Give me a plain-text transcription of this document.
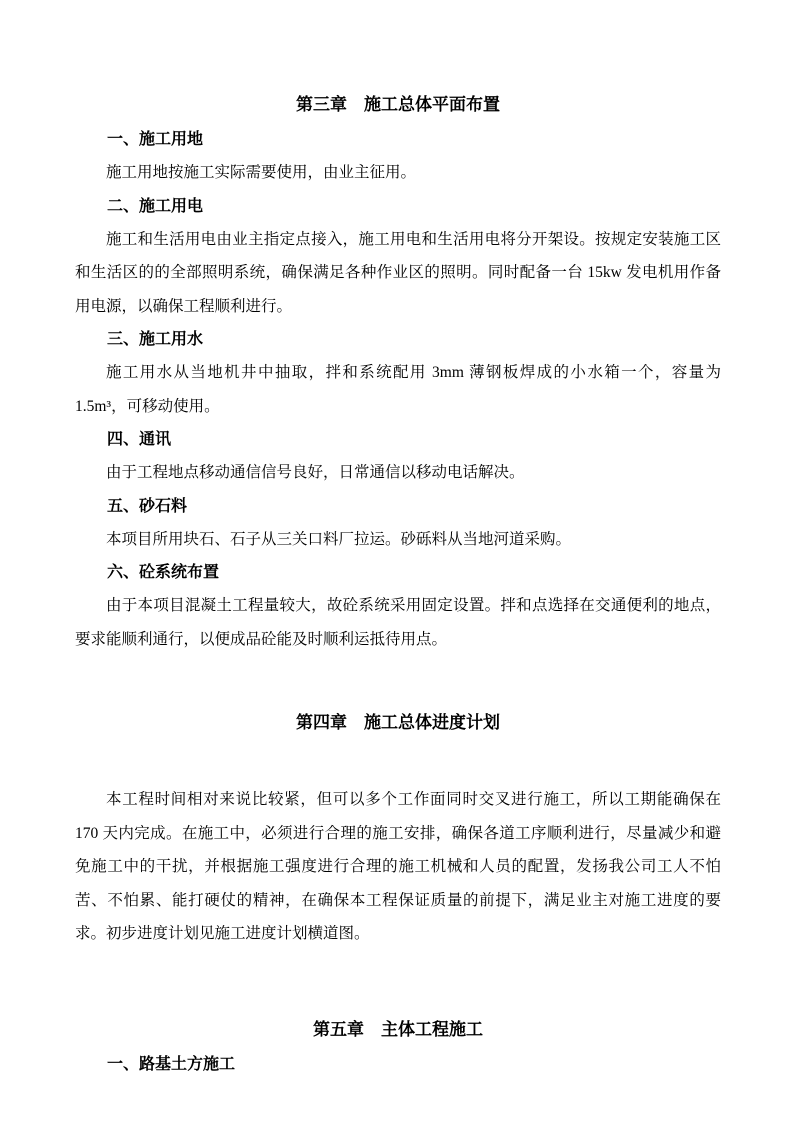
第三章　施工总体平面布置
一、施工用地

施工用地按施工实际需要使用，由业主征用。

二、施工用电

施工和生活用电由业主指定点接入，施工用电和生活用电将分开架设。按规定安装施工区和生活区的的全部照明系统，确保满足各种作业区的照明。同时配备一台 15kw 发电机用作备用电源，以确保工程顺利进行。

三、施工用水

施工用水从当地机井中抽取，拌和系统配用 3mm 薄钢板焊成的小水箱一个，容量为 1.5m³，可移动使用。

四、通讯

由于工程地点移动通信信号良好，日常通信以移动电话解决。

五、砂石料

本项目所用块石、石子从三关口料厂拉运。砂砾料从当地河道采购。

六、砼系统布置

由于本项目混凝土工程量较大，故砼系统采用固定设置。拌和点选择在交通便利的地点，要求能顺利通行，以便成品砼能及时顺利运抵待用点。

第四章　施工总体进度计划

本工程时间相对来说比较紧，但可以多个工作面同时交叉进行施工，所以工期能确保在 170 天内完成。在施工中，必须进行合理的施工安排，确保各道工序顺利进行，尽量减少和避免施工中的干扰，并根据施工强度进行合理的施工机械和人员的配置，发扬我公司工人不怕苦、不怕累、能打硬仗的精神，在确保本工程保证质量的前提下，满足业主对施工进度的要求。初步进度计划见施工进度计划横道图。

第五章　主体工程施工
一、路基土方施工
